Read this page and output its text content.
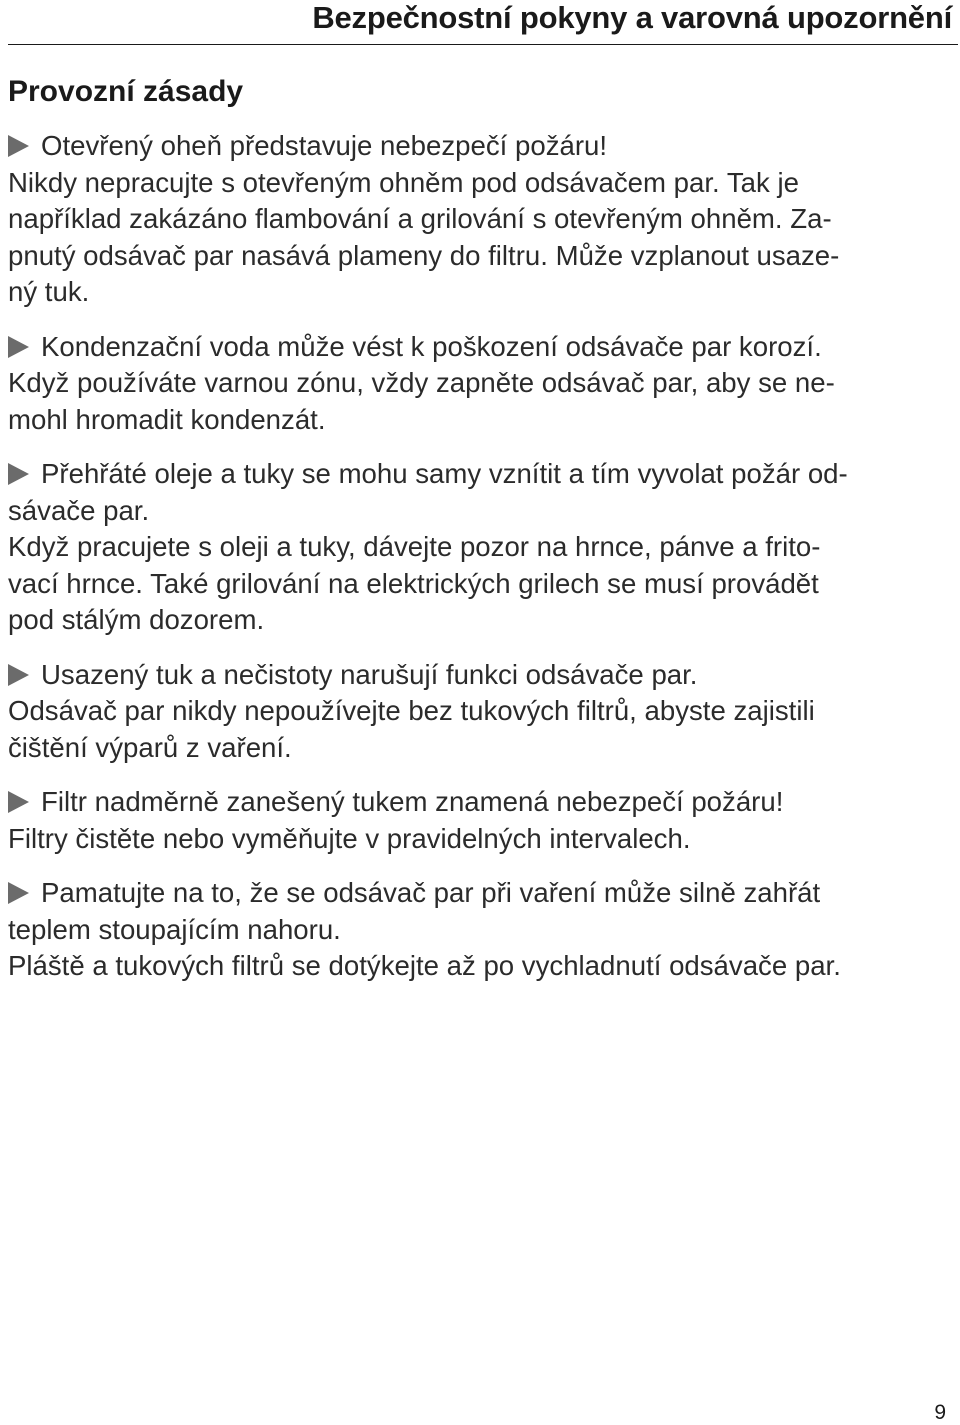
Bezpečnostní pokyny a varovná upozornění
Provozní zásady
Otevřený oheň představuje nebezpečí požáru!
Nikdy nepracujte s otevřeným ohněm pod odsávačem par. Tak je
například zakázáno flambování a grilování s otevřeným ohněm. Za-
pnutý odsávač par nasává plameny do filtru. Může vzplanout usaze-
ný tuk.
Kondenzační voda může vést k poškození odsávače par korozí.
Když používáte varnou zónu, vždy zapněte odsávač par, aby se ne-
mohl hromadit kondenzát.
Přehřáté oleje a tuky se mohu samy vznítit a tím vyvolat požár od-
sávače par.
Když pracujete s oleji a tuky, dávejte pozor na hrnce, pánve a frito-
vací hrnce. Také grilování na elektrických grilech se musí provádět
pod stálým dozorem.
Usazený tuk a nečistoty narušují funkci odsávače par.
Odsávač par nikdy nepoužívejte bez tukových filtrů, abyste zajistili
čištění výparů z vaření.
Filtr nadměrně zanešený tukem znamená nebezpečí požáru!
Filtry čistěte nebo vyměňujte v pravidelných intervalech.
Pamatujte na to, že se odsávač par při vaření může silně zahřát
teplem stoupajícím nahoru.
Pláště a tukových filtrů se dotýkejte až po vychladnutí odsávače par.
9
